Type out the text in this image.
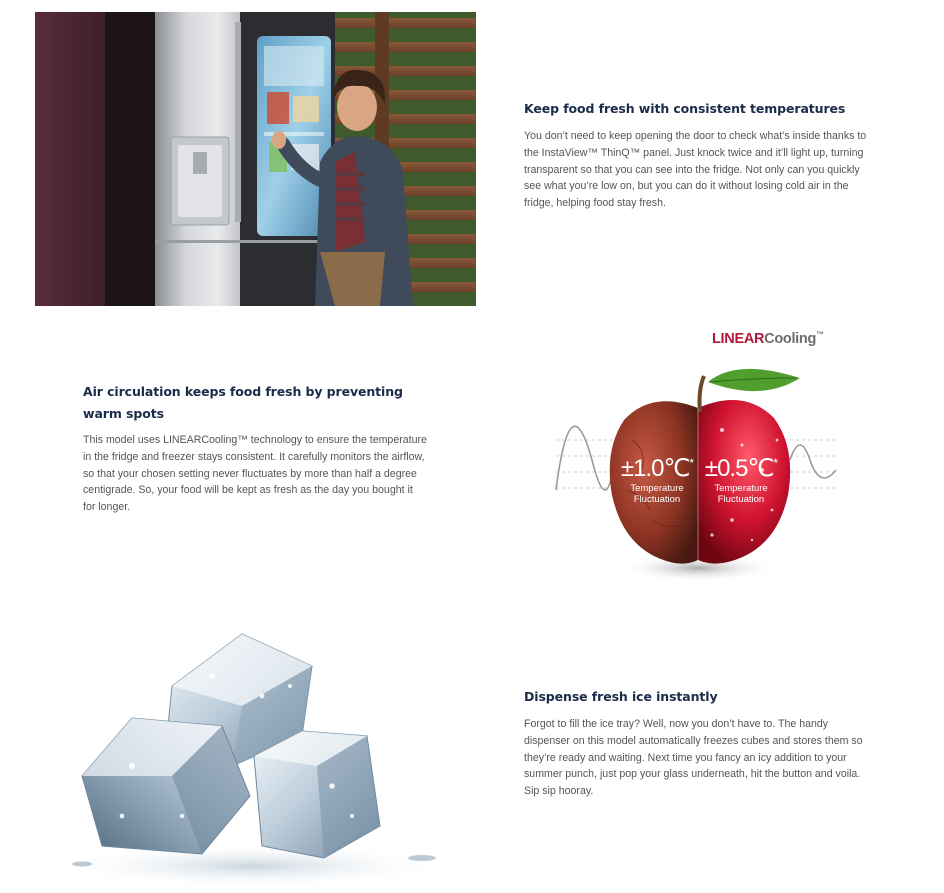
Keep food fresh with consistent temperatures

You don’t need to keep opening the door to check what’s inside thanks to the InstaView™ ThinQ™ panel. Just knock twice and it’ll light up, turning transparent so that you can see into the fridge. Not only can you quickly see what you’re low on, but you can do it without losing cold air in the fridge, helping food stay fresh.

Air circulation keeps food fresh by preventing warm spots

This model uses LINEARCooling™ technology to ensure the temperature in the fridge and freezer stays consistent. It carefully monitors the airflow, so that your chosen setting never fluctuates by more than half a degree centigrade. So, your food will be kept as fresh as the day you bought it for longer.

LINEARCooling™
±1.0℃*
Temperature
Fluctuation
±0.5℃*
Temperature
Fluctuation
Dispense fresh ice instantly

Forgot to fill the ice tray? Well, now you don’t have to. The handy dispenser on this model automatically freezes cubes and stores them so they’re ready and waiting. Next time you fancy an icy addition to your summer punch, just pop your glass underneath, hit the button and voila. Sip sip hooray.
